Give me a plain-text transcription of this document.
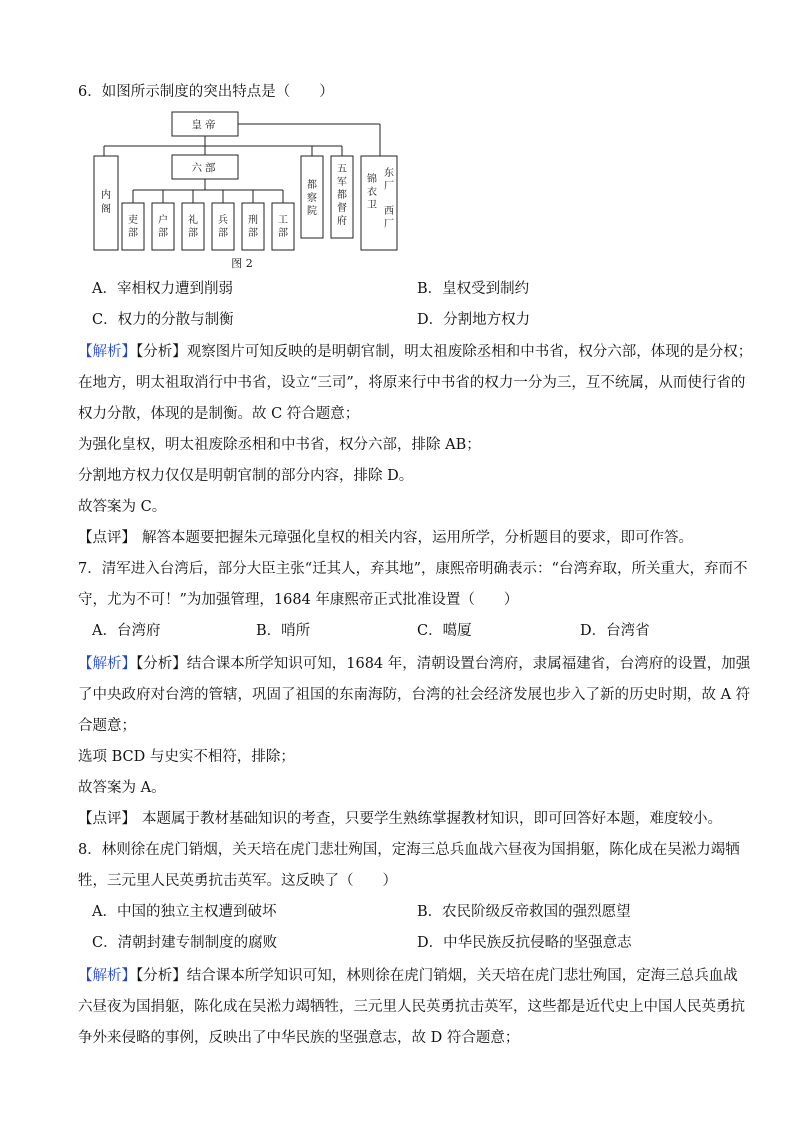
6．如图所示制度的突出特点是（　　）
皇帝
六部
内阁
吏部
户部
礼部
兵部
刑部
工部
都察院
五军都督府
锦衣卫
东厂
西厂
图 2
A．宰相权力遭到削弱	B．皇权受到制约
C．权力的分散与制衡	D．分割地方权力
【解析】【分析】观察图片可知反映的是明朝官制，明太祖废除丞相和中书省，权分六部，体现的是分权；
在地方，明太祖取消行中书省，设立“三司”，将原来行中书省的权力一分为三，互不统属，从而使行省的
权力分散，体现的是制衡。故 C 符合题意；
为强化皇权，明太祖废除丞相和中书省，权分六部，排除 AB；
分割地方权力仅仅是明朝官制的部分内容，排除 D。
故答案为 C。
【点评】 解答本题要把握朱元璋强化皇权的相关内容，运用所学，分析题目的要求，即可作答。
7．清军进入台湾后，部分大臣主张“迁其人，弃其地”，康熙帝明确表示：“台湾弃取，所关重大，弃而不
守，尤为不可！”为加强管理，1684 年康熙帝正式批准设置（　　）
A．台湾府	B．哨所	C．噶厦	D．台湾省
【解析】【分析】结合课本所学知识可知，1684 年，清朝设置台湾府，隶属福建省，台湾府的设置，加强
了中央政府对台湾的管辖，巩固了祖国的东南海防，台湾的社会经济发展也步入了新的历史时期，故 A 符
合题意；
选项 BCD 与史实不相符，排除；
故答案为 A。
【点评】 本题属于教材基础知识的考查，只要学生熟练掌握教材知识，即可回答好本题，难度较小。
8．林则徐在虎门销烟，关天培在虎门悲壮殉国，定海三总兵血战六昼夜为国捐躯，陈化成在吴淞力竭牺
牲，三元里人民英勇抗击英军。这反映了（　　）
A．中国的独立主权遭到破坏	B．农民阶级反帝救国的强烈愿望
C．清朝封建专制制度的腐败	D．中华民族反抗侵略的坚强意志
【解析】【分析】结合课本所学知识可知，林则徐在虎门销烟，关天培在虎门悲壮殉国，定海三总兵血战
六昼夜为国捐躯，陈化成在吴淞力竭牺牲，三元里人民英勇抗击英军，这些都是近代史上中国人民英勇抗
争外来侵略的事例，反映出了中华民族的坚强意志，故 D 符合题意；
